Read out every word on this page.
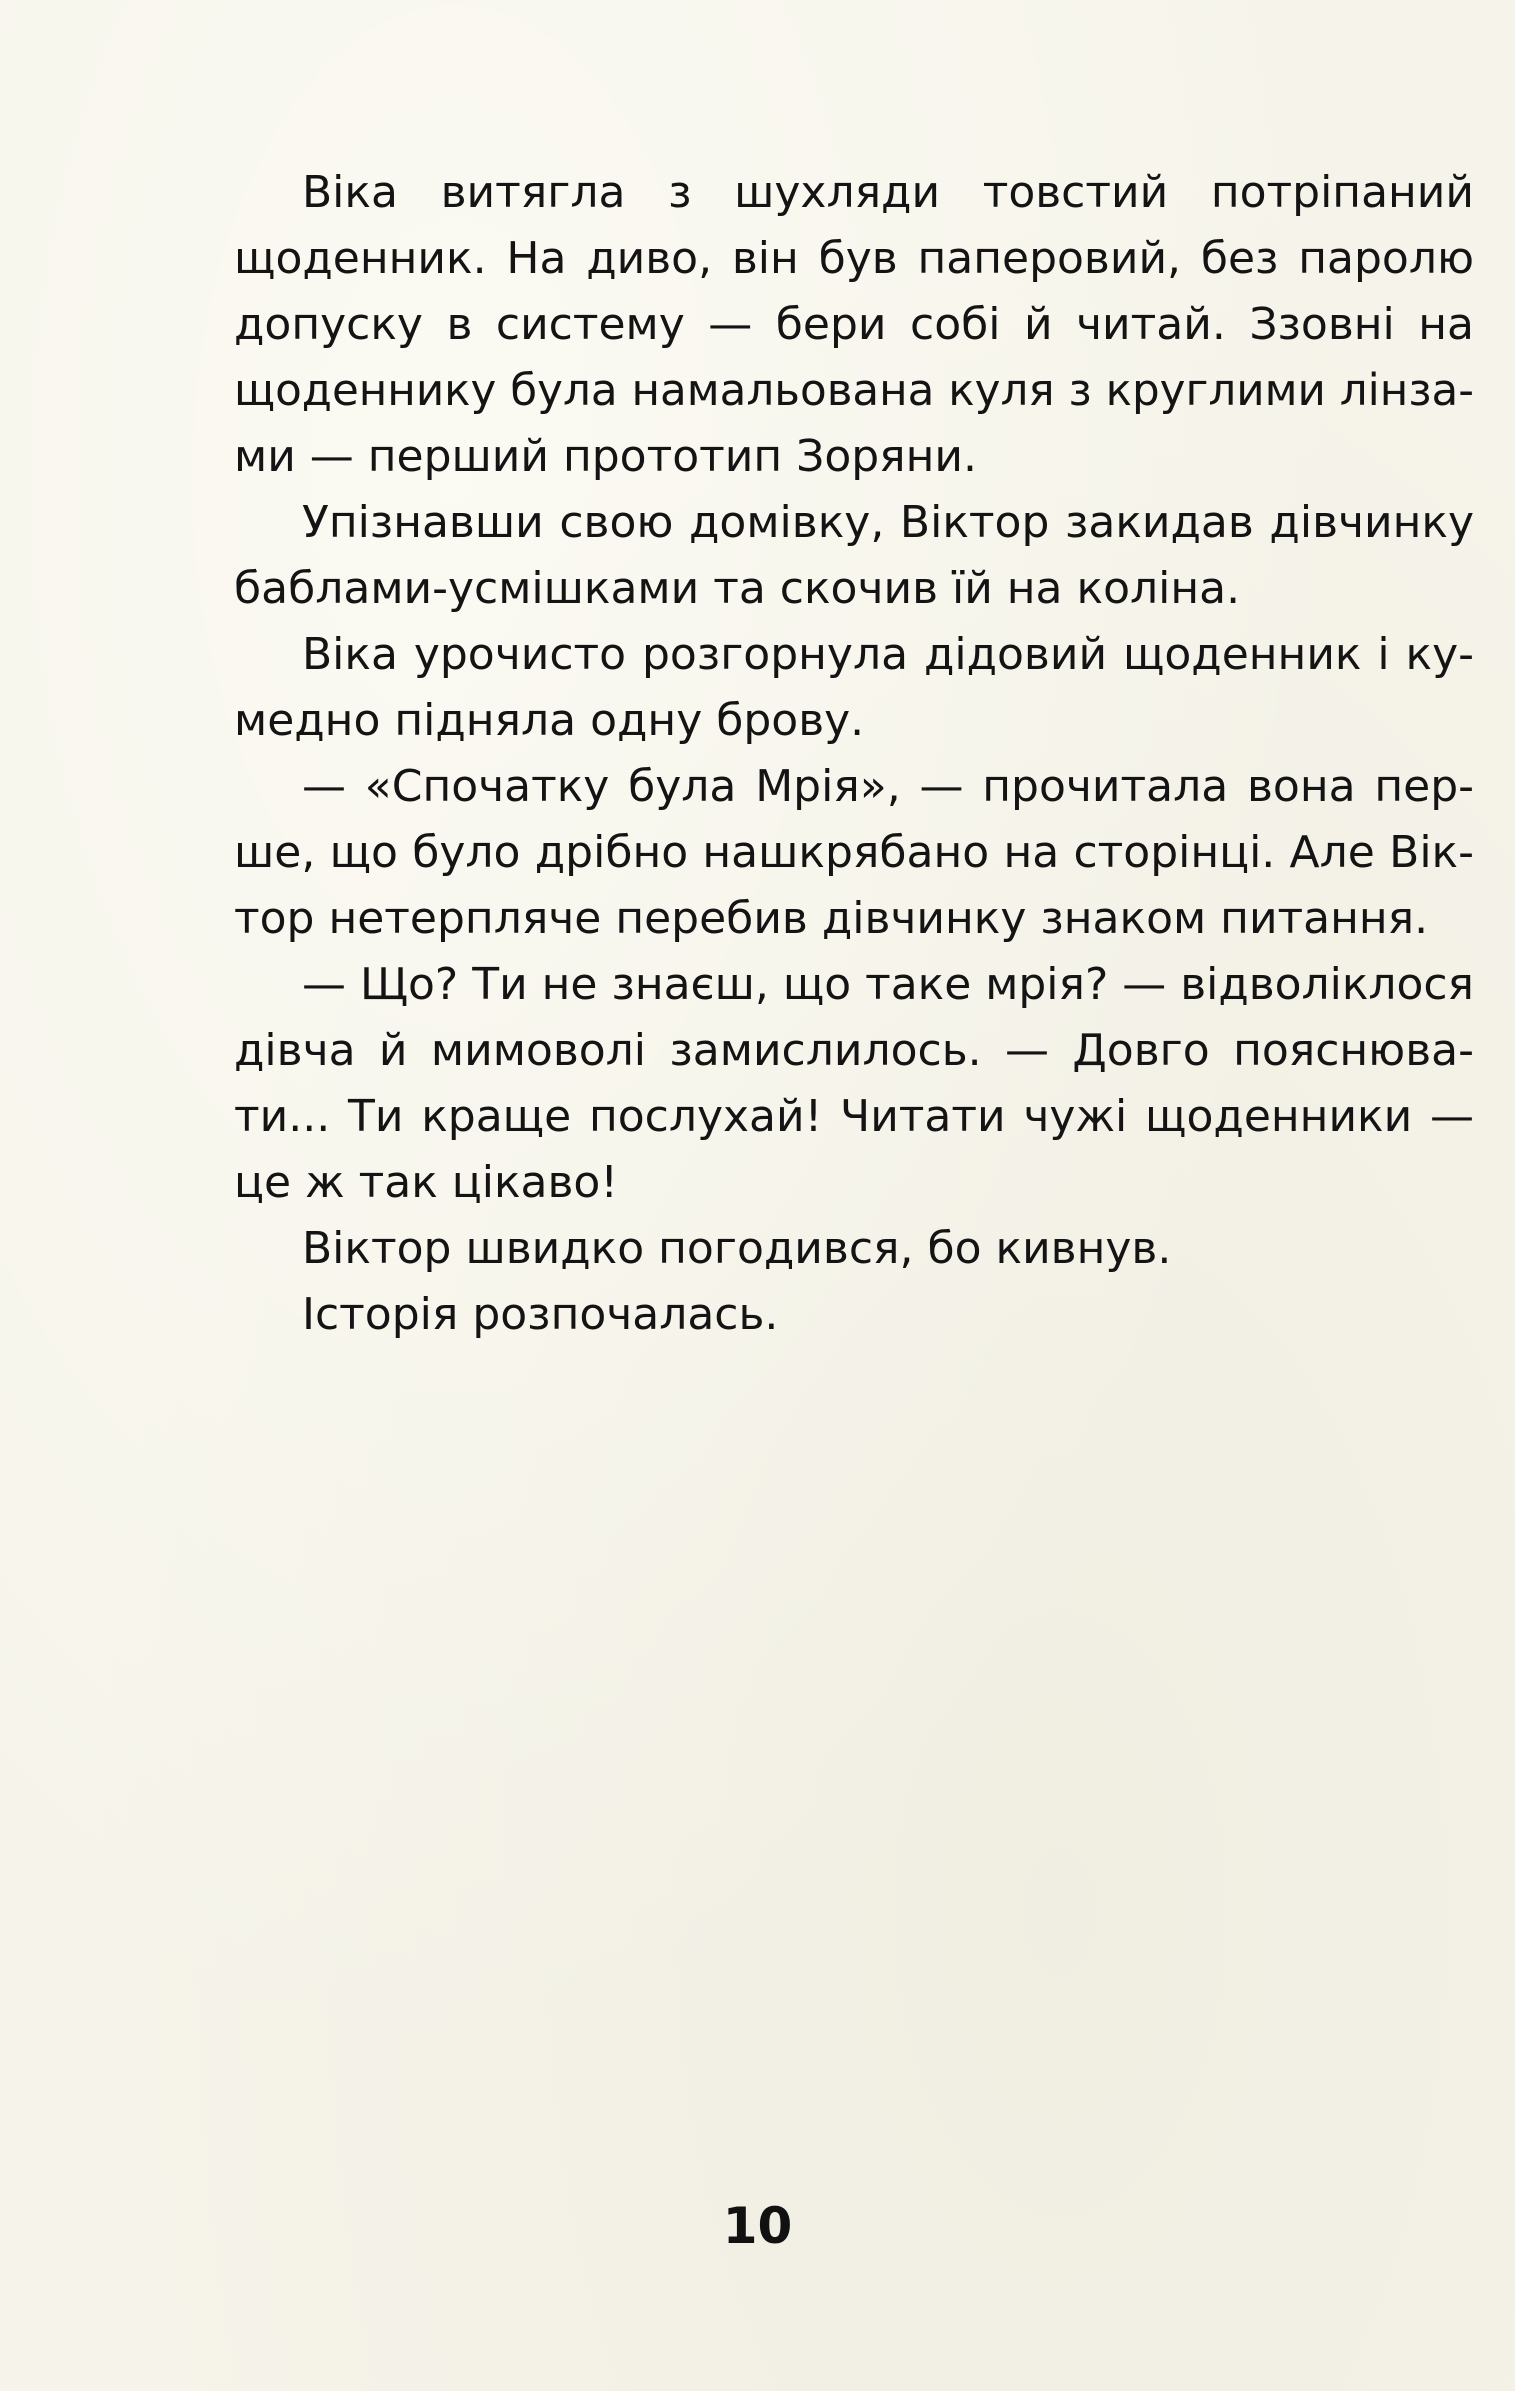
Віка витягла з шухляди товстий потріпаний
щоденник. На диво, він був паперовий, без паролю
допуску в систему — бери собі й читай. Ззовні на
щоденнику була намальована куля з круглими лінза-
ми — перший прототип Зоряни.
Упізнавши свою домівку, Віктор закидав дівчинку
баблами-усмішками та скочив їй на коліна.
Віка урочисто розгорнула дідовий щоденник і ку-
медно підняла одну брову.
— «Спочатку була Мрія», — прочитала вона пер-
ше, що було дрібно нашкрябано на сторінці. Але Вік-
тор нетерпляче перебив дівчинку знаком питання.
— Що? Ти не знаєш, що таке мрія? — відволіклося
дівча й мимоволі замислилось. — Довго пояснюва-
ти... Ти краще послухай! Читати чужі щоденники —
це ж так цікаво!
Віктор швидко погодився, бо кивнув.
Історія розпочалась.
10
